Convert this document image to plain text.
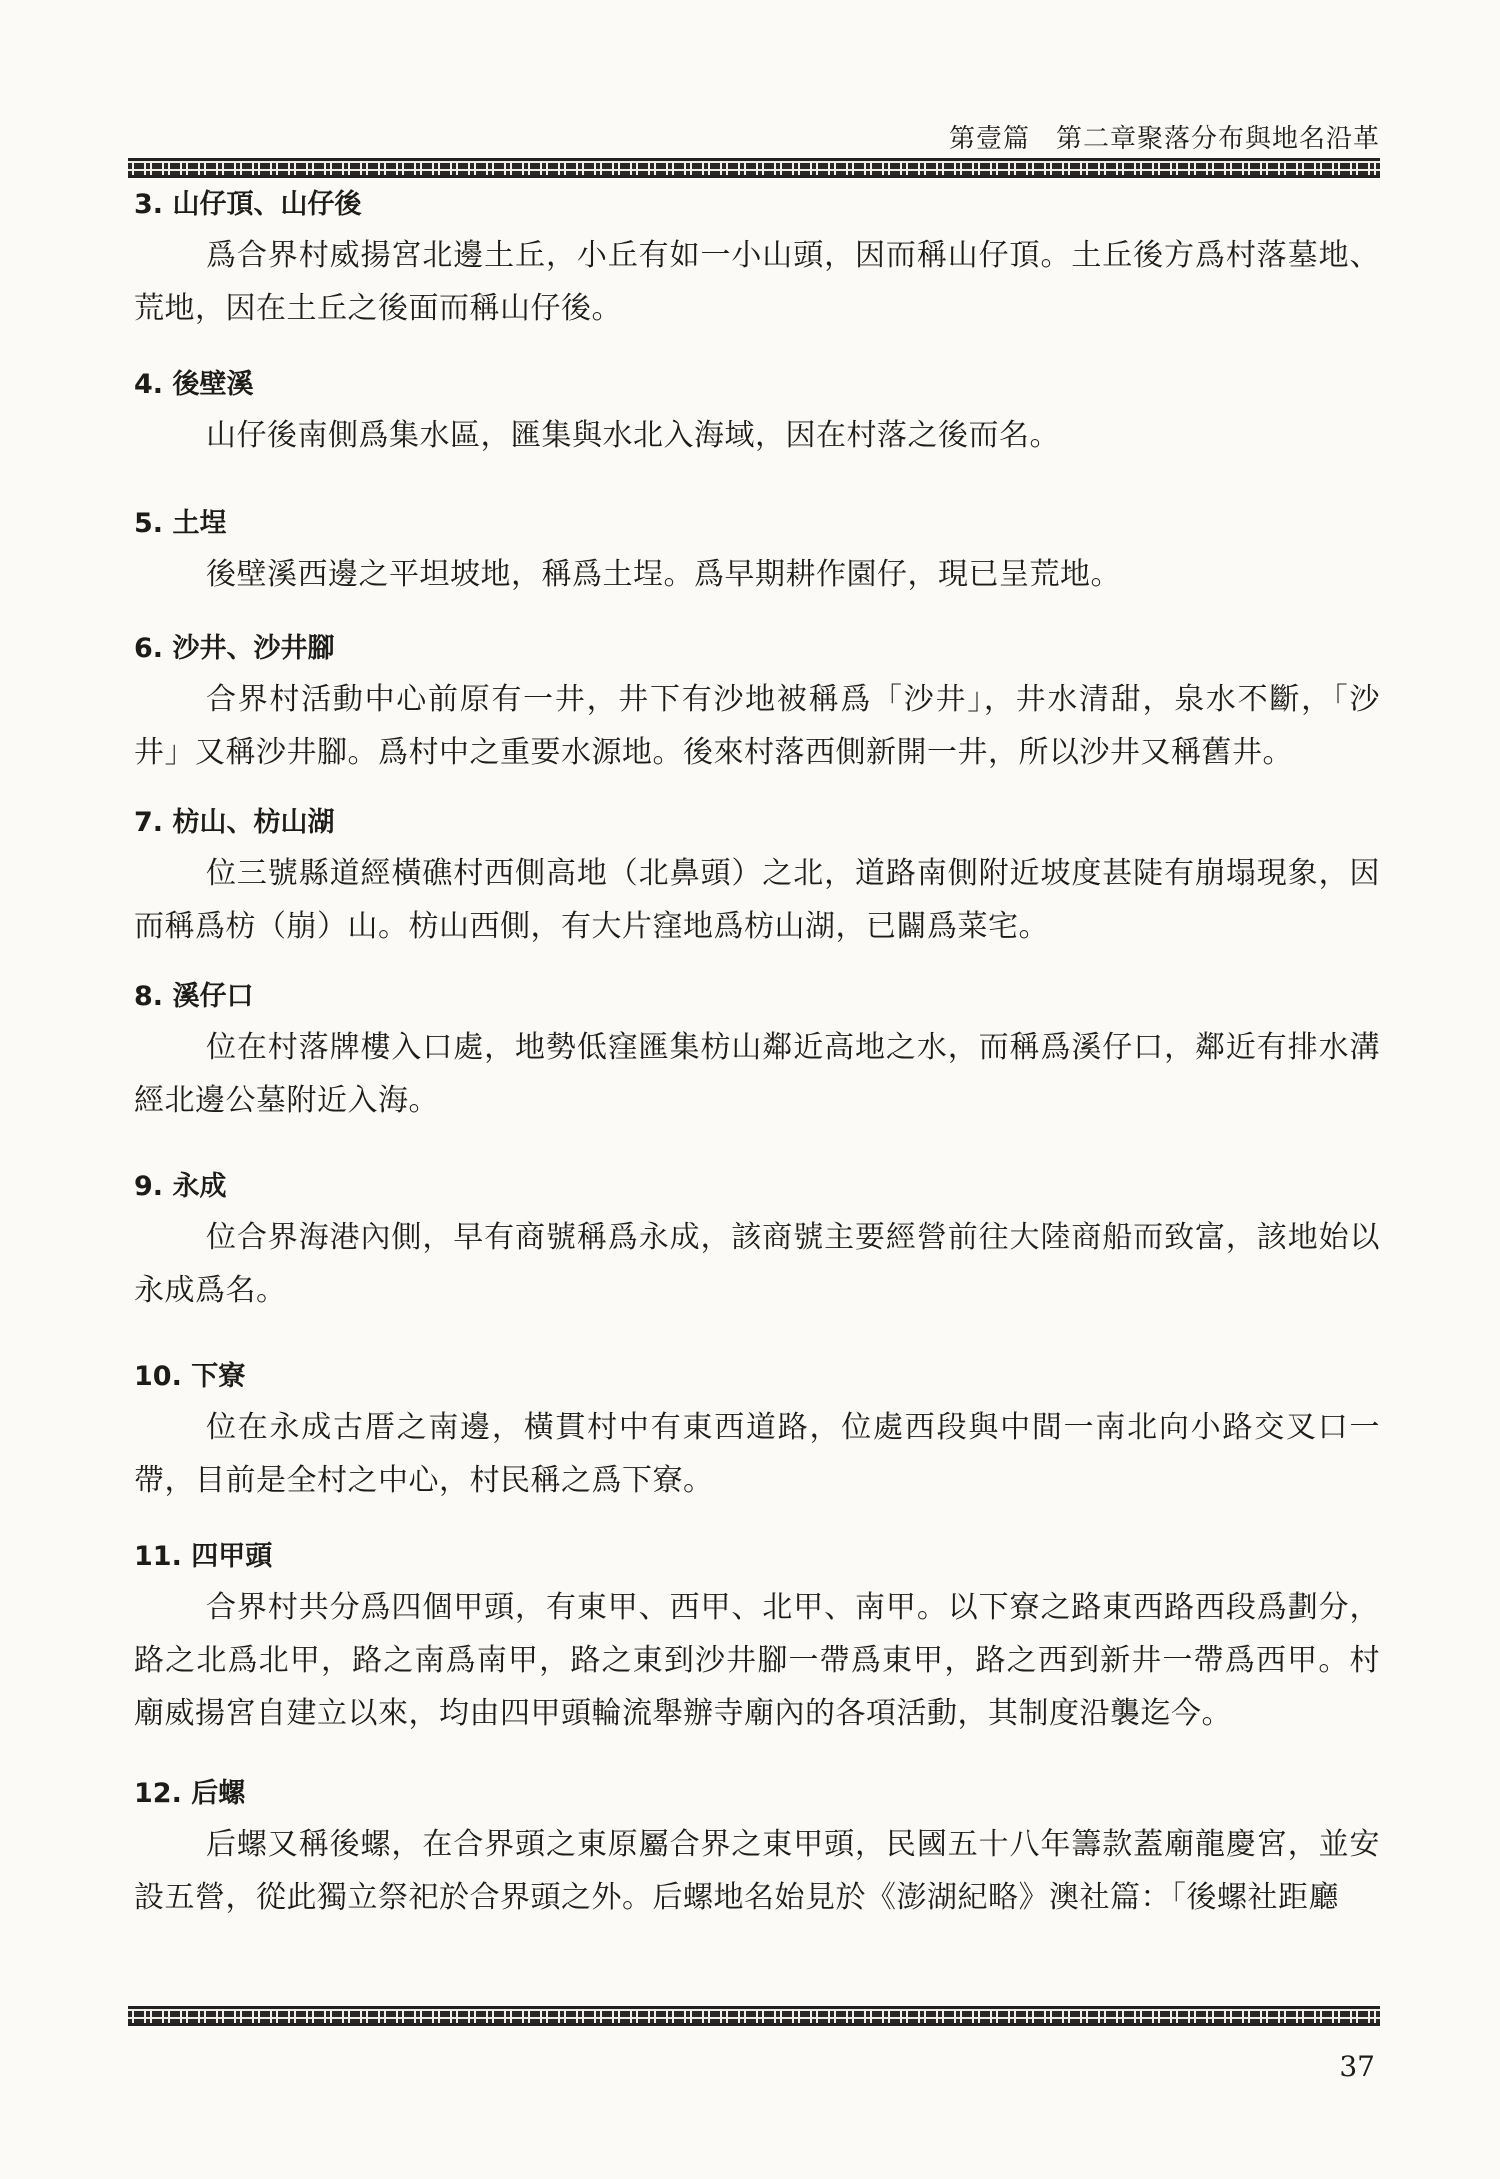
第壹篇 第二章聚落分布與地名沿革

3. 山仔頂、山仔後

爲合界村威揚宮北邊土丘，小丘有如一小山頭，因而稱山仔頂。土丘後方爲村落墓地、荒地，因在土丘之後面而稱山仔後。

4. 後壁溪

山仔後南側爲集水區，匯集與水北入海域，因在村落之後而名。

5. 土埕

後壁溪西邊之平坦坡地，稱爲土埕。爲早期耕作園仔，現已呈荒地。

6. 沙井、沙井腳

合界村活動中心前原有一井，井下有沙地被稱爲「沙井」，井水清甜，泉水不斷，「沙井」又稱沙井腳。爲村中之重要水源地。後來村落西側新開一井，所以沙井又稱舊井。

7. 枋山、枋山湖

位三號縣道經橫礁村西側高地（北鼻頭）之北，道路南側附近坡度甚陡有崩塌現象，因而稱爲枋（崩）山。枋山西側，有大片窪地爲枋山湖，已闢爲菜宅。

8. 溪仔口

位在村落牌樓入口處，地勢低窪匯集枋山鄰近高地之水，而稱爲溪仔口，鄰近有排水溝經北邊公墓附近入海。

9. 永成

位合界海港內側，早有商號稱爲永成，該商號主要經營前往大陸商船而致富，該地始以永成爲名。

10. 下寮

位在永成古厝之南邊，橫貫村中有東西道路，位處西段與中間一南北向小路交叉口一帶，目前是全村之中心，村民稱之爲下寮。

11. 四甲頭

合界村共分爲四個甲頭，有東甲、西甲、北甲、南甲。以下寮之路東西路西段爲劃分，路之北爲北甲，路之南爲南甲，路之東到沙井腳一帶爲東甲，路之西到新井一帶爲西甲。村廟威揚宮自建立以來，均由四甲頭輪流舉辦寺廟內的各項活動，其制度沿襲迄今。

12. 后螺

后螺又稱後螺，在合界頭之東原屬合界之東甲頭，民國五十八年籌款蓋廟龍慶宮，並安設五營，從此獨立祭祀於合界頭之外。后螺地名始見於《澎湖紀略》澳社篇：「後螺社距廳

37
